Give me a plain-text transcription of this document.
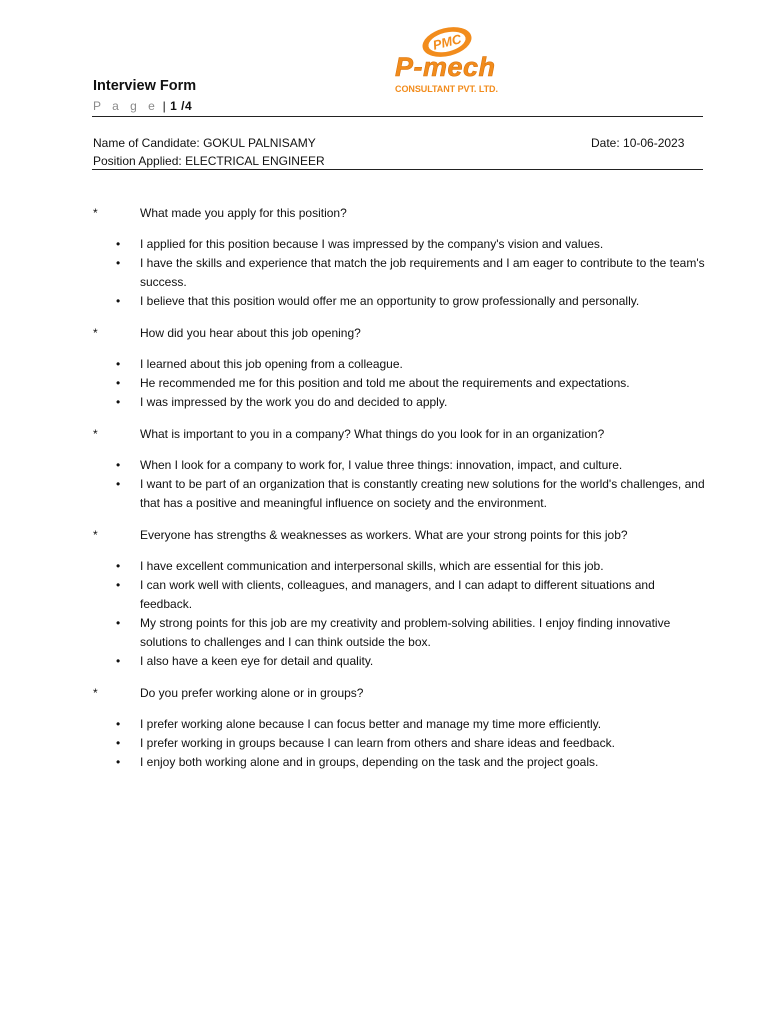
Interview Form
P a g e | 1 /4
PMC
P-mech
CONSULTANT PVT. LTD.
Name of Candidate: GOKUL PALNISAMY	Date: 10-06-2023
Position Applied: ELECTRICAL ENGINEER
*	What made you apply for this position?
• I applied for this position because I was impressed by the company's vision and values.
• I have the skills and experience that match the job requirements and I am eager to contribute to the team's success.
• I believe that this position would offer me an opportunity to grow professionally and personally.
*	How did you hear about this job opening?
• I learned about this job opening from a colleague.
• He recommended me for this position and told me about the requirements and expectations.
• I was impressed by the work you do and decided to apply.
*	What is important to you in a company? What things do you look for in an organization?
• When I look for a company to work for, I value three things: innovation, impact, and culture.
• I want to be part of an organization that is constantly creating new solutions for the world's challenges, and that has a positive and meaningful influence on society and the environment.
*	Everyone has strengths & weaknesses as workers. What are your strong points for this job?
• I have excellent communication and interpersonal skills, which are essential for this job.
• I can work well with clients, colleagues, and managers, and I can adapt to different situations and feedback.
• My strong points for this job are my creativity and problem-solving abilities. I enjoy finding innovative solutions to challenges and I can think outside the box.
• I also have a keen eye for detail and quality.
*	Do you prefer working alone or in groups?
• I prefer working alone because I can focus better and manage my time more efficiently.
• I prefer working in groups because I can learn from others and share ideas and feedback.
• I enjoy both working alone and in groups, depending on the task and the project goals.
